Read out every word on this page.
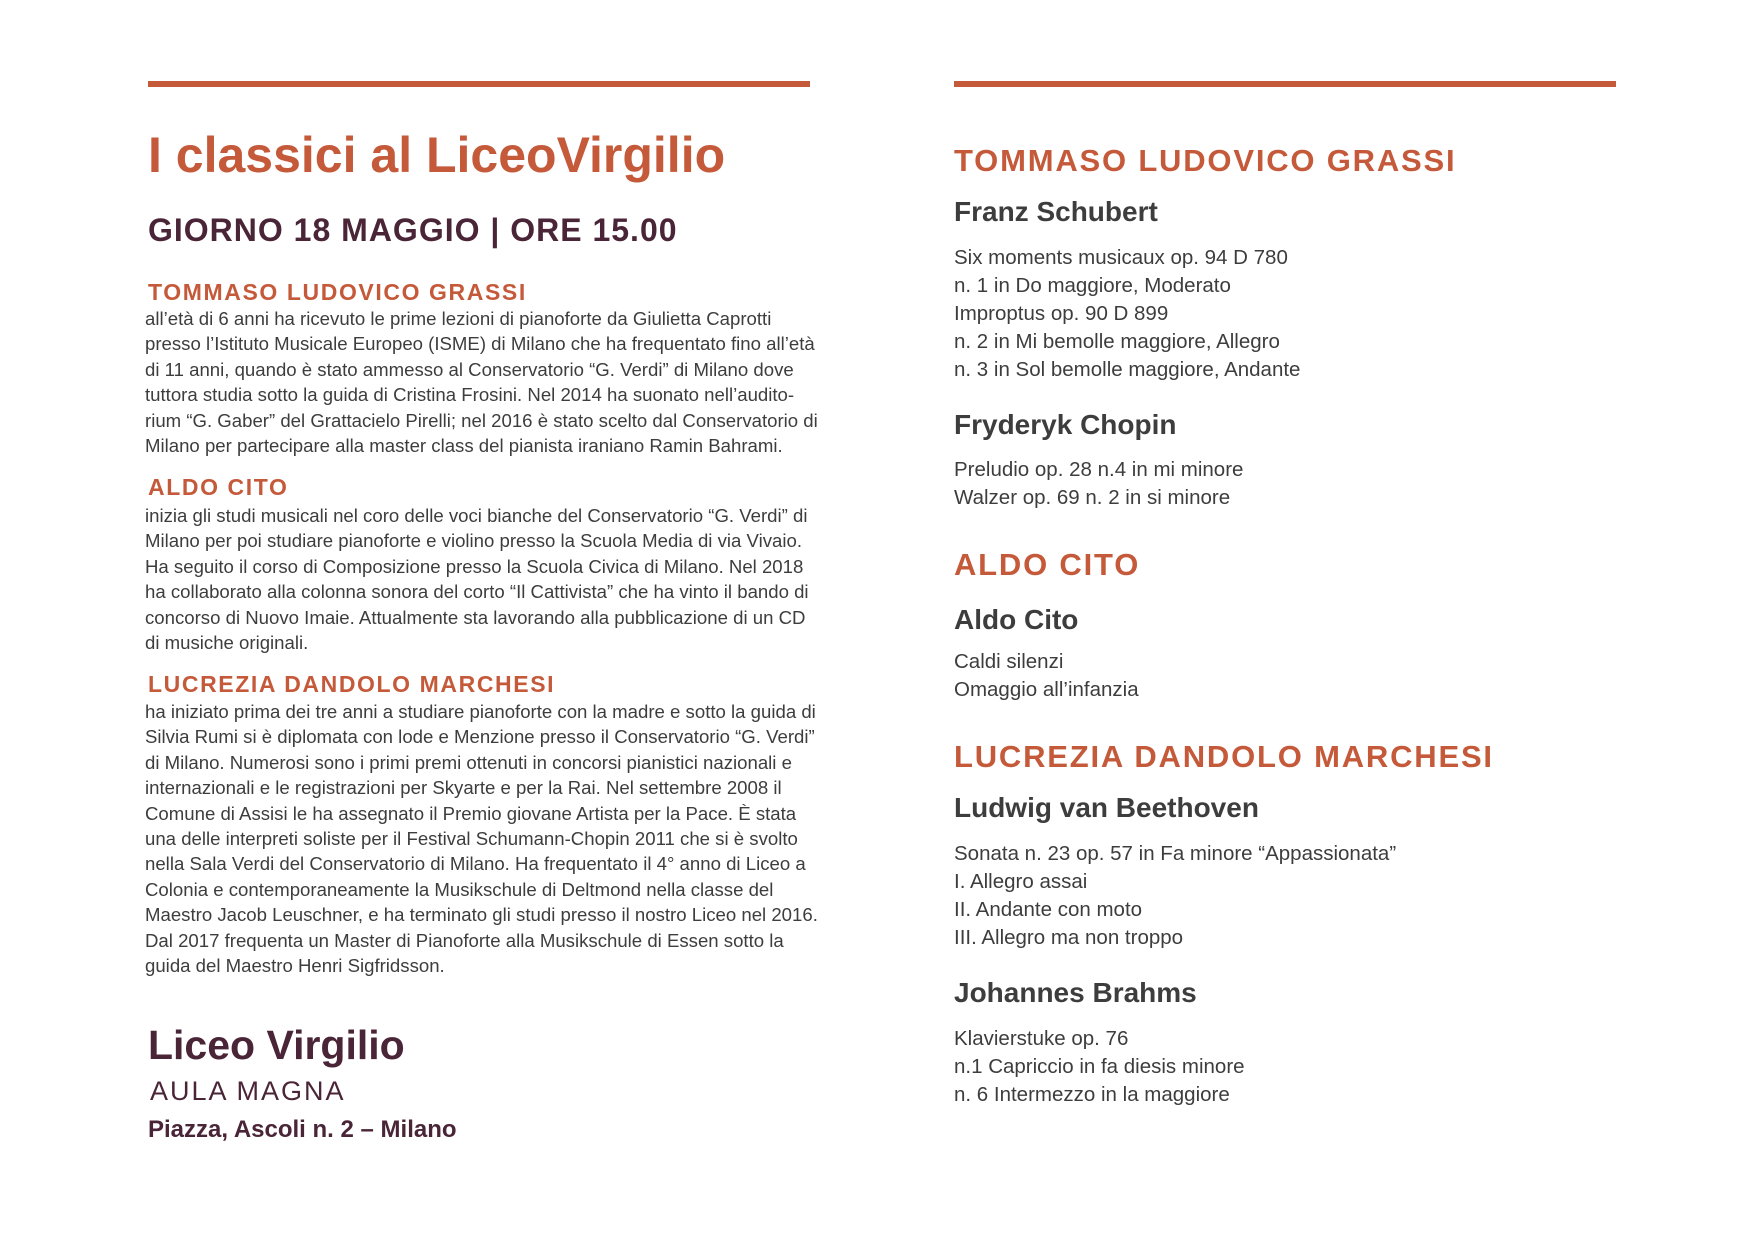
I classici al LiceoVirgilio
GIORNO 18 MAGGIO | ORE 15.00
TOMMASO LUDOVICO GRASSI

all’età di 6 anni ha ricevuto le prime lezioni di pianoforte da Giulietta Caprotti presso l’Istituto Musicale Europeo (ISME) di Milano che ha frequentato fino all’età di 11 anni, quando è stato ammesso al Conservatorio “G. Verdi” di Milano dove tuttora studia sotto la guida di Cristina Frosini. Nel 2014 ha suonato nell’audito-rium “G. Gaber” del Grattacielo Pirelli; nel 2016 è stato scelto dal Conservatorio di Milano per partecipare alla master class del pianista iraniano Ramin Bahrami.

ALDO CITO

inizia gli studi musicali nel coro delle voci bianche del Conservatorio “G. Verdi” di Milano per poi studiare pianoforte e violino presso la Scuola Media di via Vivaio. Ha seguito il corso di Composizione presso la Scuola Civica di Milano. Nel 2018 ha collaborato alla colonna sonora del corto “Il Cattivista” che ha vinto il bando di concorso di Nuovo Imaie. Attualmente sta lavorando alla pubblicazione di un CD di musiche originali.

LUCREZIA DANDOLO MARCHESI

ha iniziato prima dei tre anni a studiare pianoforte con la madre e sotto la guida di Silvia Rumi si è diplomata con lode e Menzione presso il Conservatorio “G. Verdi” di Milano. Numerosi sono i primi premi ottenuti in concorsi pianistici nazionali e internazionali e le registrazioni per Skyarte e per la Rai. Nel settembre 2008 il Comune di Assisi le ha assegnato il Premio giovane Artista per la Pace. È stata una delle interpreti soliste per il Festival Schumann-Chopin 2011 che si è svolto nella Sala Verdi del Conservatorio di Milano. Ha frequentato il 4° anno di Liceo a Colonia e contemporaneamente la Musikschule di Deltmond nella classe del Maestro Jacob Leuschner, e ha terminato gli studi presso il nostro Liceo nel 2016. Dal 2017 frequenta un Master di Pianoforte alla Musikschule di Essen sotto la guida del Maestro Henri Sigfridsson.

Liceo Virgilio
AULA MAGNA
Piazza, Ascoli n. 2 – Milano
TOMMASO LUDOVICO GRASSI
Franz Schubert
Six moments musicaux op. 94 D 780
n. 1 in Do maggiore, Moderato
Improptus op. 90 D 899
n. 2 in Mi bemolle maggiore, Allegro
n. 3 in Sol bemolle maggiore, Andante
Fryderyk Chopin
Preludio op. 28 n.4 in mi minore
Walzer op. 69 n. 2 in si minore
ALDO CITO
Aldo Cito
Caldi silenzi
Omaggio all’infanzia
LUCREZIA DANDOLO MARCHESI
Ludwig van Beethoven
Sonata n. 23 op. 57 in Fa minore “Appassionata”
I. Allegro assai
II. Andante con moto
III. Allegro ma non troppo
Johannes Brahms
Klavierstuke op. 76
n.1 Capriccio in fa diesis minore
n. 6 Intermezzo in la maggiore
